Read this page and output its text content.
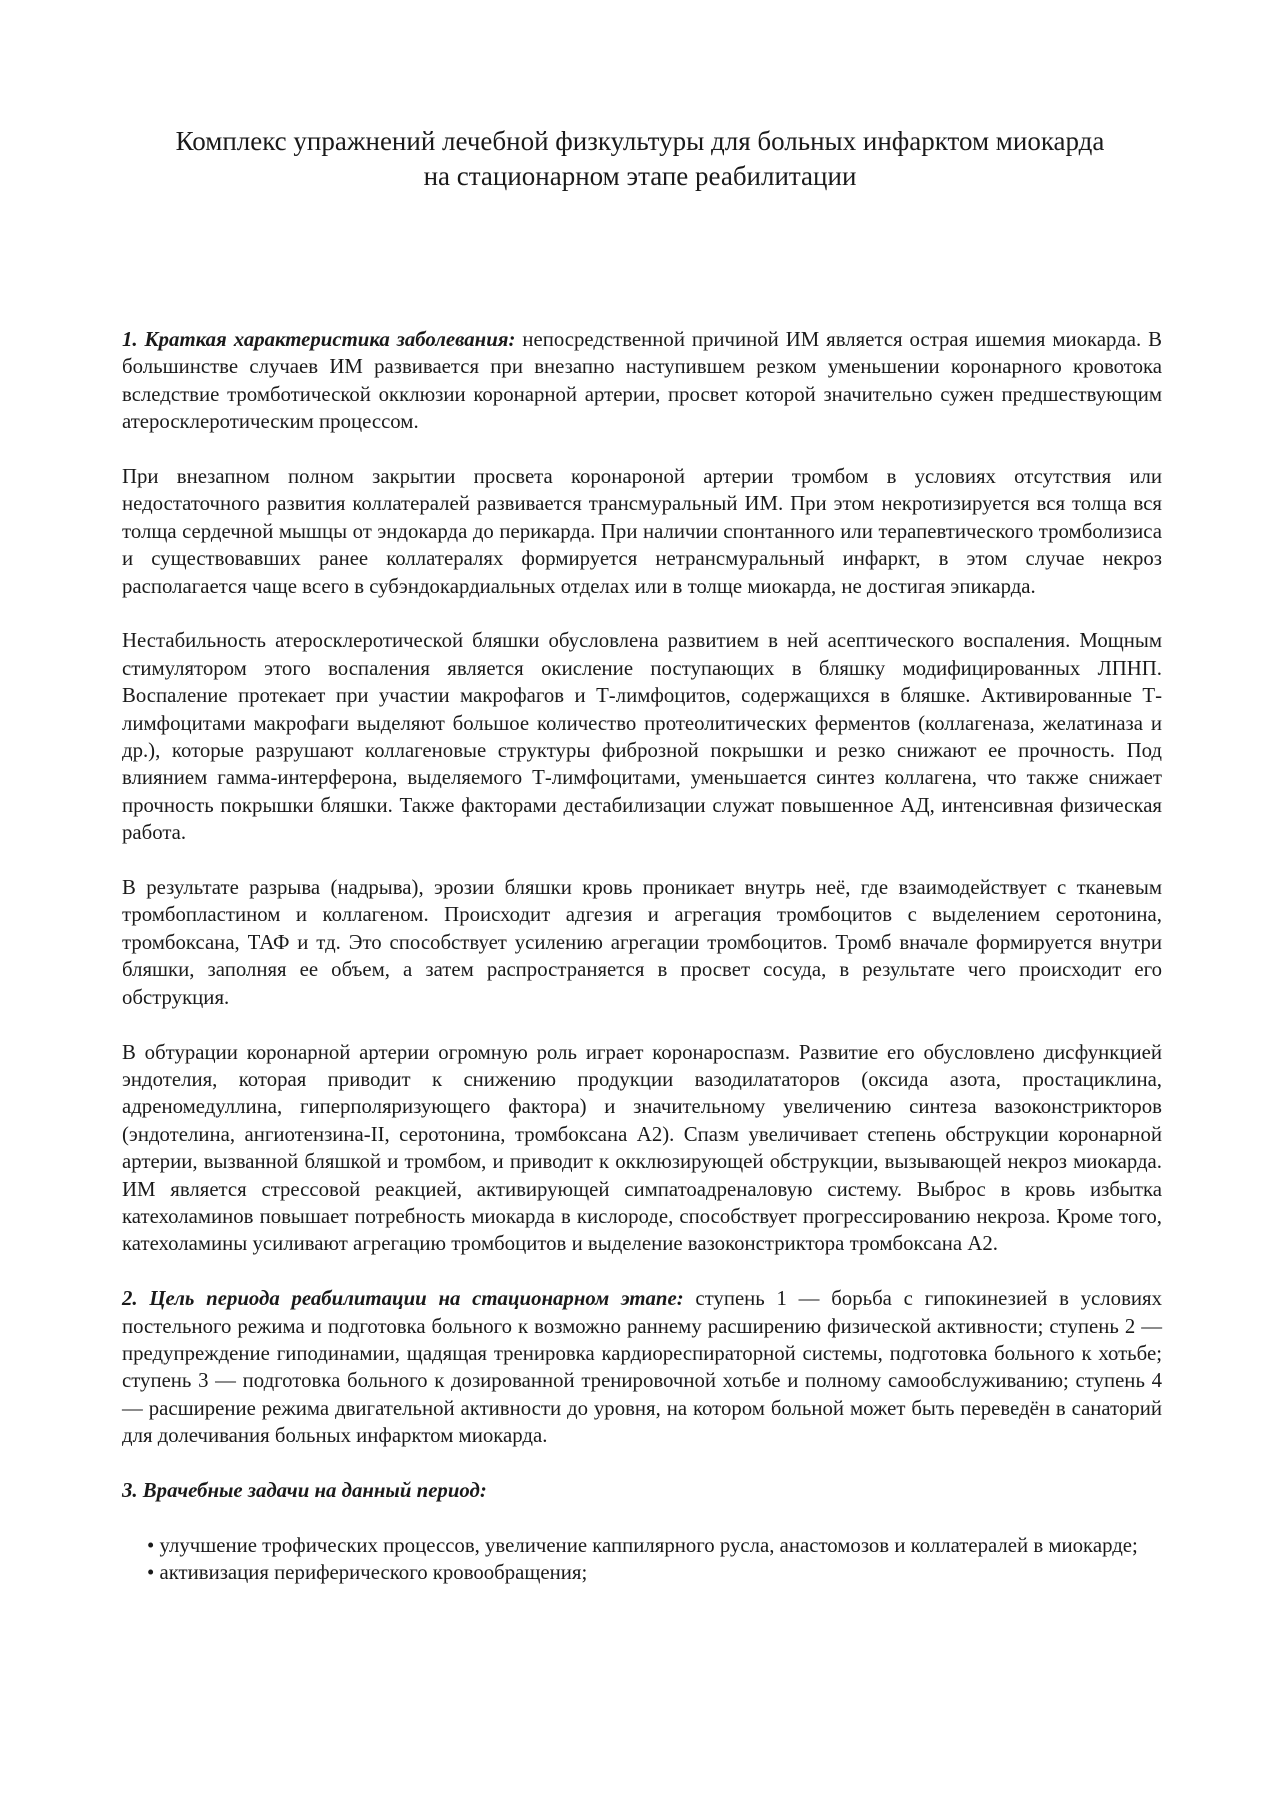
Комплекс упражнений лечебной физкультуры для больных инфарктом миокарда на стационарном этапе реабилитации

1. Краткая характеристика заболевания: непосредственной причиной ИМ является острая ишемия миокарда. В большинстве случаев ИМ развивается при внезапно наступившем резком уменьшении коронарного кровотока вследствие тромботической окклюзии коронарной артерии, просвет которой значительно сужен предшествующим атеросклеротическим процессом.

При внезапном полном закрытии просвета коронароной артерии тромбом в условиях отсутствия или недостаточного развития коллатералей развивается трансмуральный ИМ. При этом некротизируется вся толща вся толща сердечной мышцы от эндокарда до перикарда. При наличии спонтанного или терапевтического тромболизиса и существовавших ранее коллатералях формируется нетрансмуральный инфаркт, в этом случае некроз располагается чаще всего в субэндокардиальных отделах или в толще миокарда, не достигая эпикарда.

Нестабильность атеросклеротической бляшки обусловлена развитием в ней асептического воспаления. Мощным стимулятором этого воспаления является окисление поступающих в бляшку модифицированных ЛПНП. Воспаление протекает при участии макрофагов и Т-лимфоцитов, содержащихся в бляшке. Активированные Т-лимфоцитами макрофаги выделяют большое количество протеолитических ферментов (коллагеназа, желатиназа и др.), которые разрушают коллагеновые структуры фиброзной покрышки и резко снижают ее прочность. Под влиянием гамма-интерферона, выделяемого Т-лимфоцитами, уменьшается синтез коллагена, что также снижает прочность покрышки бляшки. Также факторами дестабилизации служат повышенное АД, интенсивная физическая работа.

В результате разрыва (надрыва), эрозии бляшки кровь проникает внутрь неё, где взаимодействует с тканевым тромбопластином и коллагеном. Происходит адгезия и агрегация тромбоцитов с выделением серотонина, тромбоксана, ТАФ и тд. Это способствует усилению агрегации тромбоцитов. Тромб вначале формируется внутри бляшки, заполняя ее объем, а затем распространяется в просвет сосуда, в результате чего происходит его обструкция.

В обтурации коронарной артерии огромную роль играет коронароспазм. Развитие его обусловлено дисфункцией эндотелия, которая приводит к снижению продукции вазодилататоров (оксида азота, простациклина, адреномедуллина, гиперполяризующего фактора) и значительному увеличению синтеза вазоконстрикторов (эндотелина, ангиотензина-II, серотонина, тромбоксана А2). Спазм увеличивает степень обструкции коронарной артерии, вызванной бляшкой и тромбом, и приводит к окклюзирующей обструкции, вызывающей некроз миокарда. ИМ является стрессовой реакцией, активирующей симпатоадреналовую систему. Выброс в кровь избытка катехоламинов повышает потребность миокарда в кислороде, способствует прогрессированию некроза. Кроме того, катехоламины усиливают агрегацию тромбоцитов и выделение вазоконстриктора тромбоксана А2.

2. Цель периода реабилитации на стационарном этапе: ступень 1 — борьба с гипокинезией в условиях постельного режима и подготовка больного к возможно раннему расширению физической активности; ступень 2 — предупреждение гиподинамии, щадящая тренировка кардиореспираторной системы, подготовка больного к хотьбе; ступень 3 — подготовка больного к дозированной тренировочной хотьбе и полному самообслуживанию; ступень 4 — расширение режима двигательной активности до уровня, на котором больной может быть переведён в санаторий для долечивания больных инфарктом миокарда.

3. Врачебные задачи на данный период:

• улучшение трофических процессов, увеличение каппилярного русла, анастомозов и коллатералей в миокарде;
• активизация периферического кровообращения;
